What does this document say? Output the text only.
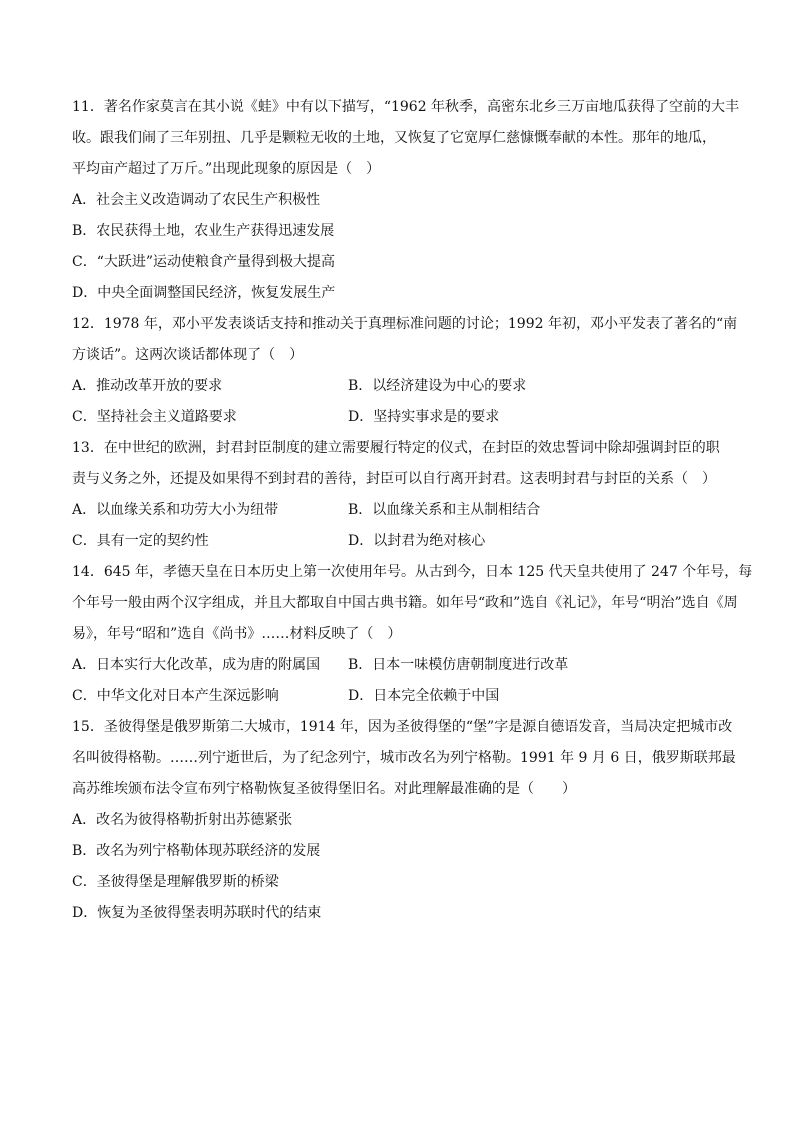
11．著名作家莫言在其小说《蛙》中有以下描写，“1962 年秋季，高密东北乡三万亩地瓜获得了空前的大丰

收。跟我们闹了三年别扭、几乎是颗粒无收的土地，又恢复了它宽厚仁慈慷慨奉献的本性。那年的地瓜，

平均亩产超过了万斤。”出现此现象的原因是（　）

A．社会主义改造调动了农民生产积极性

B．农民获得土地，农业生产获得迅速发展

C．“大跃进”运动使粮食产量得到极大提高

D．中央全面调整国民经济，恢复发展生产

12．1978 年，邓小平发表谈话支持和推动关于真理标准问题的讨论；1992 年初，邓小平发表了著名的“南

方谈话”。这两次谈话都体现了（　）

A．推动改革开放的要求	B．以经济建设为中心的要求

C．坚持社会主义道路要求	D．坚持实事求是的要求

13．在中世纪的欧洲，封君封臣制度的建立需要履行特定的仪式，在封臣的效忠誓词中除却强调封臣的职

责与义务之外，还提及如果得不到封君的善待，封臣可以自行离开封君。这表明封君与封臣的关系（　）

A．以血缘关系和功劳大小为纽带	B．以血缘关系和主从制相结合

C．具有一定的契约性	D．以封君为绝对核心

14．645 年，孝德天皇在日本历史上第一次使用年号。从古到今，日本 125 代天皇共使用了 247 个年号，每

个年号一般由两个汉字组成，并且大都取自中国古典书籍。如年号“政和”选自《礼记》，年号“明治”选自《周

易》，年号“昭和”选自《尚书》……材料反映了（　）

A．日本实行大化改革，成为唐的附属国	B．日本一味模仿唐朝制度进行改革

C．中华文化对日本产生深远影响	D．日本完全依赖于中国

15．圣彼得堡是俄罗斯第二大城市，1914 年，因为圣彼得堡的“堡”字是源自德语发音，当局决定把城市改

名叫彼得格勒。……列宁逝世后，为了纪念列宁，城市改名为列宁格勒。1991 年 9 月 6 日，俄罗斯联邦最

高苏维埃颁布法令宣布列宁格勒恢复圣彼得堡旧名。对此理解最准确的是（　　）

A．改名为彼得格勒折射出苏德紧张

B．改名为列宁格勒体现苏联经济的发展

C．圣彼得堡是理解俄罗斯的桥梁

D．恢复为圣彼得堡表明苏联时代的结束
